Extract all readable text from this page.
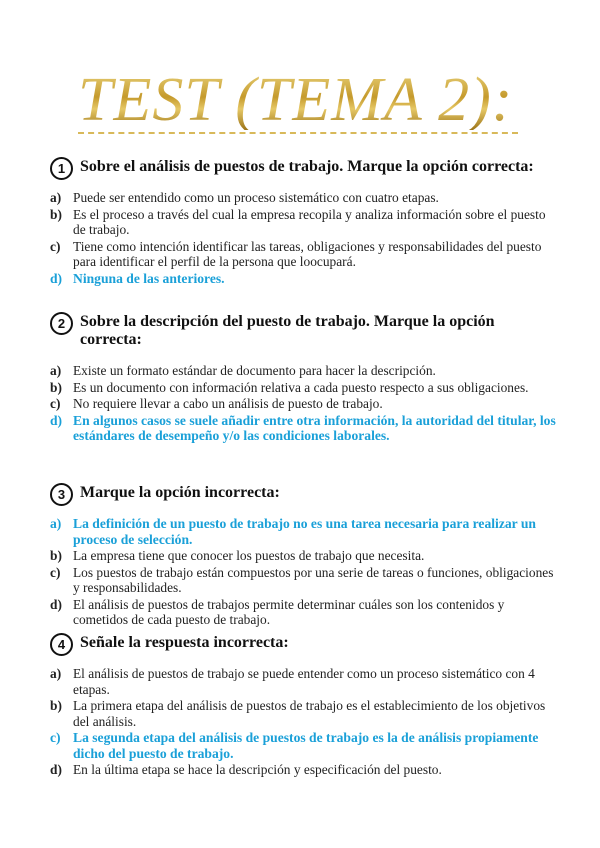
TEST (TEMA 2):
1 Sobre el análisis de puestos de trabajo. Marque la opción correcta:
a) Puede ser entendido como un proceso sistemático con cuatro etapas.
b) Es el proceso a través del cual la empresa recopila y analiza información sobre el puesto de trabajo.
c) Tiene como intención identificar las tareas, obligaciones y responsabilidades del puesto para identificar el perfil de la persona que loocupará.
d) Ninguna de las anteriores.
2 Sobre la descripción del puesto de trabajo. Marque la opción correcta:
a) Existe un formato estándar de documento para hacer la descripción.
b) Es un documento con información relativa a cada puesto respecto a sus obligaciones.
c) No requiere llevar a cabo un análisis de puesto de trabajo.
d) En algunos casos se suele añadir entre otra información, la autoridad del titular, los estándares de desempeño y/o las condiciones laborales.
3 Marque la opción incorrecta:
a) La definición de un puesto de trabajo no es una tarea necesaria para realizar un proceso de selección.
b) La empresa tiene que conocer los puestos de trabajo que necesita.
c) Los puestos de trabajo están compuestos por una serie de tareas o funciones, obligaciones y responsabilidades.
d) El análisis de puestos de trabajos permite determinar cuáles son los contenidos y cometidos de cada puesto de trabajo.
4 Señale la respuesta incorrecta:
a) El análisis de puestos de trabajo se puede entender como un proceso sistemático con 4 etapas.
b) La primera etapa del análisis de puestos de trabajo es el establecimiento de los objetivos del análisis.
c) La segunda etapa del análisis de puestos de trabajo es la de análisis propiamente dicho del puesto de trabajo.
d) En la última etapa se hace la descripción y especificación del puesto.
